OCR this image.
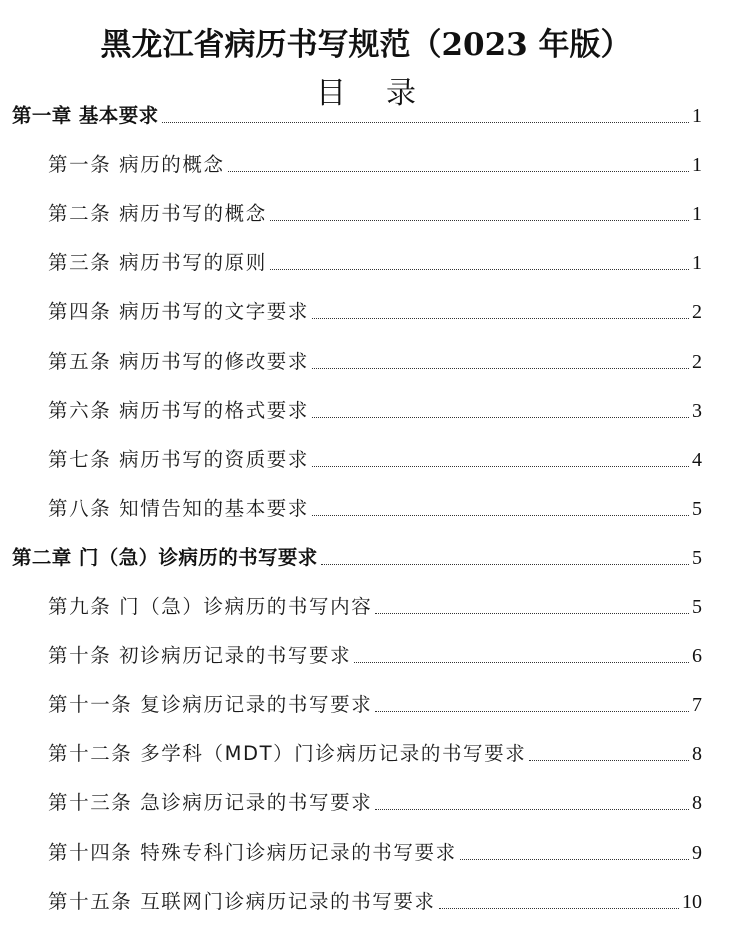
黑龙江省病历书写规范（2023 年版）
目录
第一章 基本要求	1
第一条 病历的概念	1
第二条 病历书写的概念	1
第三条 病历书写的原则	1
第四条 病历书写的文字要求	2
第五条 病历书写的修改要求	2
第六条 病历书写的格式要求	3
第七条 病历书写的资质要求	4
第八条 知情告知的基本要求	5
第二章 门（急）诊病历的书写要求	5
第九条 门（急）诊病历的书写内容	5
第十条 初诊病历记录的书写要求	6
第十一条 复诊病历记录的书写要求	7
第十二条 多学科（MDT）门诊病历记录的书写要求	8
第十三条 急诊病历记录的书写要求	8
第十四条 特殊专科门诊病历记录的书写要求	9
第十五条 互联网门诊病历记录的书写要求	10
